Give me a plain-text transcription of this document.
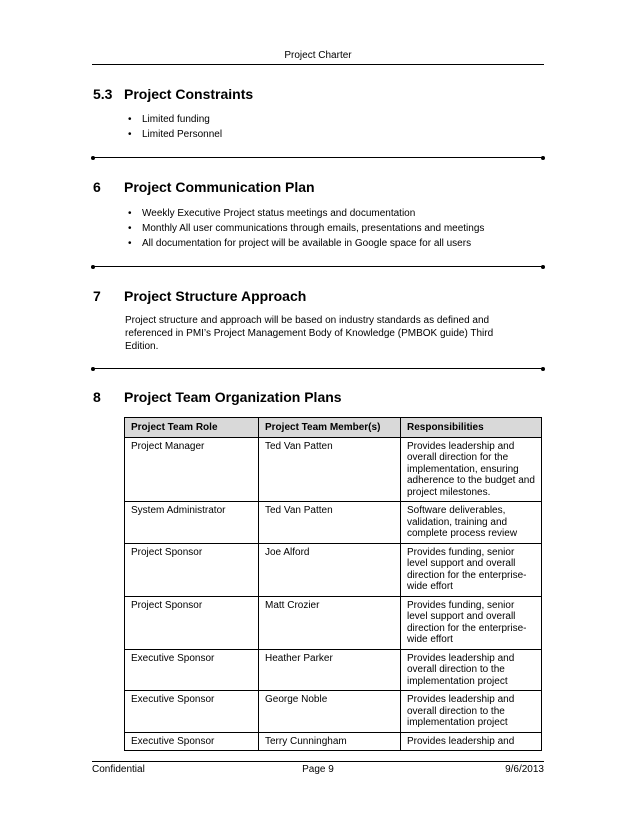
Project Charter
5.3 Project Constraints
• Limited funding
• Limited Personnel
6 Project Communication Plan
• Weekly Executive Project status meetings and documentation
• Monthly All user communications through emails, presentations and meetings
• All documentation for project will be available in Google space for all users
7 Project Structure Approach

Project structure and approach will be based on industry standards as defined and referenced in PMI’s Project Management Body of Knowledge (PMBOK guide) Third Edition.

8 Project Team Organization Plans
Project Team Role	Project Team Member(s)	Responsibilities
Project Manager	Ted Van Patten	Provides leadership and overall direction for the implementation, ensuring adherence to the budget and project milestones.
System Administrator	Ted Van Patten	Software deliverables, validation, training and complete process review
Project Sponsor	Joe Alford	Provides funding, senior level support and overall direction for the enterprise-wide effort
Project Sponsor	Matt Crozier	Provides funding, senior level support and overall direction for the enterprise-wide effort
Executive Sponsor	Heather Parker	Provides leadership and overall direction to the implementation project
Executive Sponsor	George Noble	Provides leadership and overall direction to the implementation project
Executive Sponsor	Terry Cunningham	Provides leadership and
Page 9
Confidential	9/6/2013
